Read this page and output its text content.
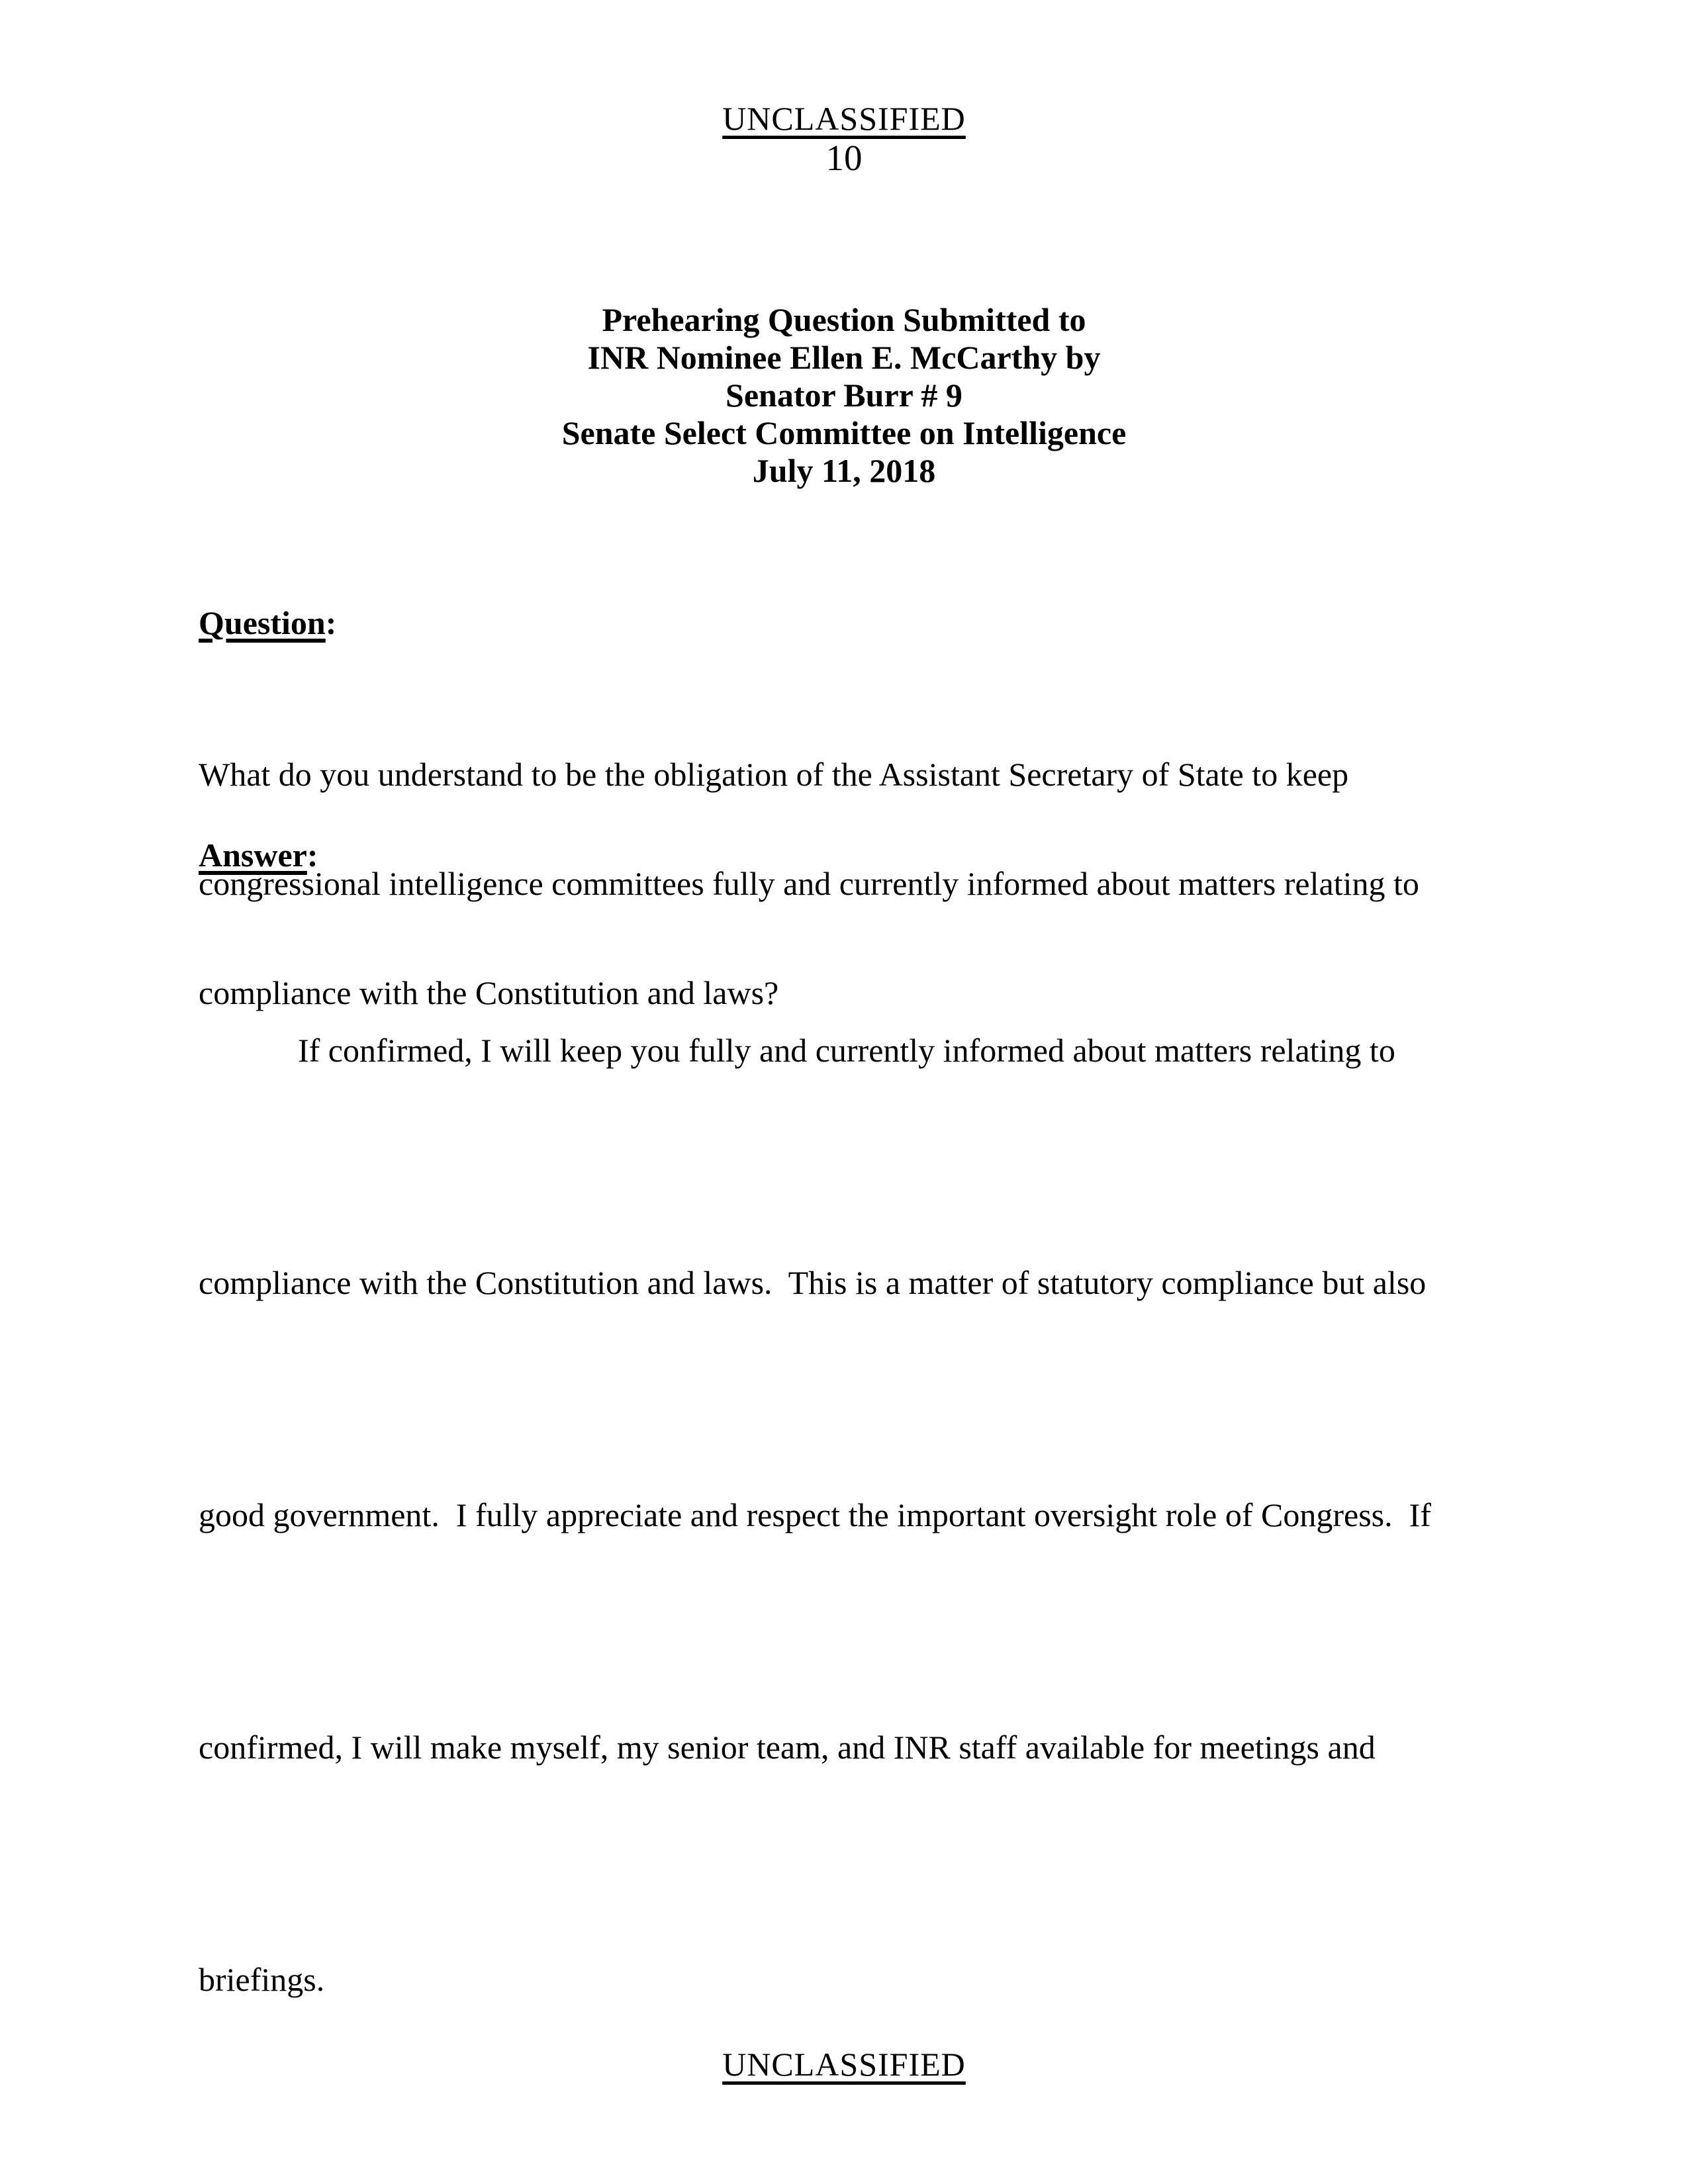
UNCLASSIFIED
10
Prehearing Question Submitted to
INR Nominee Ellen E. McCarthy by
Senator Burr # 9
Senate Select Committee on Intelligence
July 11, 2018
Question:

What do you understand to be the obligation of the Assistant Secretary of State to keep

congressional intelligence committees fully and currently informed about matters relating to

compliance with the Constitution and laws?

Answer:

If confirmed, I will keep you fully and currently informed about matters relating to

compliance with the Constitution and laws.  This is a matter of statutory compliance but also

good government.  I fully appreciate and respect the important oversight role of Congress.  If

confirmed, I will make myself, my senior team, and INR staff available for meetings and

briefings.

UNCLASSIFIED
